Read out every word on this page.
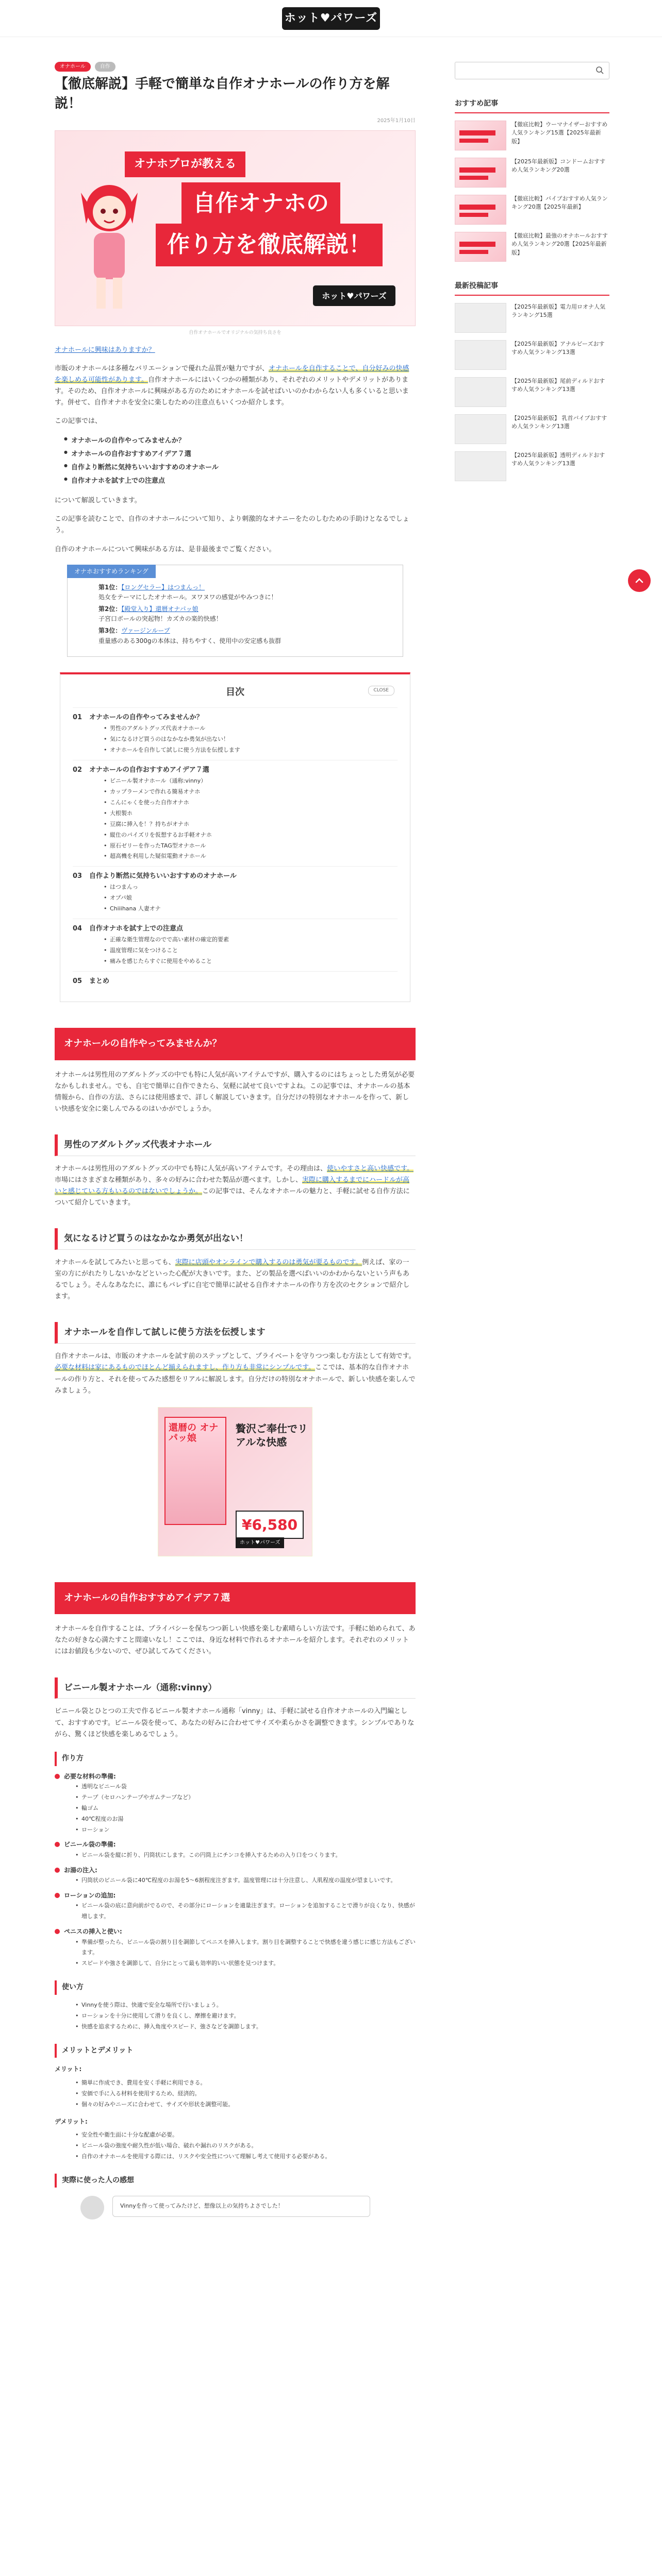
ホット♥パワーズ
オナホール	自作
【徹底解説】手軽で簡単な自作オナホールの作り方を解説！
2025年1月10日
オナホプロが教える
自作オナホの
作り方を徹底解説！
ホット♥パワーズ
自作オナホールでオリジナルの気持ち良さを

オナホールに興味はありますか？

市販のオナホールは多種なバリエーションで優れた品質が魅力ですが、オナホールを自作することで、自分好みの快感を楽しめる可能性があります。自作オナホールにはいくつかの種類があり、それぞれのメリットやデメリットがあります。そのため、自作オナホールに興味がある方のためにオナホールを試せばいいのかわからない人も多くいると思います。併せて、自作オナホを安全に楽しむための注意点もいくつか紹介します。

この記事では、

● オナホールの自作やってみませんか？
● オナホールの自作おすすめアイデア７選
● 自作より断然に気持ちいいおすすめのオナホール
● 自作オナホを試す上での注意点

について解説していきます。

この記事を読むことで、自作のオナホールについて知り、より刺激的なオナニーをたのしむための手助けとなるでしょう。

自作のオナホールについて興味がある方は、是非最後までご覧ください。

オナホおすすめランキング
第1位：【ロングセラー】はつまんっ！
処女をテーマにしたオナホール。ヌワヌワの感覚がやみつきに！
第2位：【殿堂入り】還暦オナパッ娘
子宮口ボールの突起物！カズカの楽的快感！
第3位：ヴァージンループ
重量感のある300gの本体は、持ちやすく、使用中の安定感も抜群
目次	CLOSE
01 オナホールの自作やってみませんか？
• 男性のアダルトグッズ代表オナホール
• 気になるけど買うのはなかなか勇気が出ない！
• オナホールを自作して試しに使う方法を伝授します
02 オナホールの自作おすすめアイデア７選
• ビニール製オナホール（通称:vinny）
• カップラーメンで作れる簡易オナホ
• こんにゃくを使った自作オナホ
• 大根製ホ
• 豆腐に挿入を！？持ちがオナホ
• 縦仕のパイズリを仮想するお手軽オナホ
• 原石ゼリーを作ったTAG型オナホール
• 超高機を利用した疑似電動オナホール
03 自作より断然に気持ちいいおすすめのオナホール
• はつまんっ
• オプパ娘
• Chiiihana 人妻オナ
04 自作オナホを試す上での注意点
• 正確な衛生管理なのでで高い素材の確定的要素
• 温度管理に気をつけること
• 痛みを感じたらすぐに使用をやめること
05 まとめ
オナホールの自作やってみませんか？

オナホールは男性用のアダルトグッズの中でも特に人気が高いアイテムですが、購入するのにはちょっとした勇気が必要なかもしれません。でも、自宅で簡単に自作できたら、気軽に試せて良いですよね。この記事では、オナホールの基本情報から、自作の方法、さらには使用感まで、詳しく解説していきます。自分だけの特別なオナホールを作って、新しい快感を安全に楽しんでみるのはいかがでしょうか。

男性のアダルトグッズ代表オナホール

オナホールは男性用のアダルトグッズの中でも特に人気が高いアイテムです。その理由は、使いやすさと高い快感です。市場にはさまざまな種類があり、多々の好みに合わせた製品が選べます。しかし、実際に購入するまでにハードルが高いと感じている方もいるのではないでしょうか。この記事では、そんなオナホールの魅力と、手軽に試せる自作方法について紹介していきます。

気になるけど買うのはなかなか勇気が出ない！

オナホールを試してみたいと思っても、実際に店頭やオンラインで購入するのは勇気が要るものです。例えば、家の一室の方にがれたりしないかなどといった心配が大きいです。また、どの製品を選べばいいのかわからないという声もあるでしょう。そんなあなたに、誰にもバレずに自宅で簡単に試せる自作オナホールの作り方を次のセクションで紹介します。

オナホールを自作して試しに使う方法を伝授します

自作オナホールは、市販のオナホールを試す前のステップとして、プライベートを守りつつ楽しむ方法として有効です。必要な材料は家にあるものでほとんど揃えられますし、作り方も非常にシンプルです。ここでは、基本的な自作オナホールの作り方と、それを使ってみた感想をリアルに解説します。自分だけの特別なオナホールで、新しい快感を楽しんでみましょう。

還暦の オナパッ娘
贅沢ご奉仕でリアルな快感
¥6,580
ホット♥パワーズ
オナホールの自作おすすめアイデア７選

オナホールを自作することは、プライバシーを保ちつつ新しい快感を楽しむ素晴らしい方法です。手軽に始められて、あなたの好きな心満たすこと間違いなし！ここでは、身近な材料で作れるオナホールを紹介します。それぞれのメリットにはお値段も少ないので、ぜひ試してみてください。

ビニール製オナホール（通称:vinny）

ビニール袋とひとつの工夫で作るビニール製オナホール通称「vinny」は、手軽に試せる自作オナホールの入門編として、おすすめです。ビニール袋を使って、あなたの好みに合わせてサイズや柔らかさを調整できます。シンプルでありながら、驚くほど快感を楽しめるでしょう。

作り方
必要な材料の準備:
• 透明なビニール袋
• テープ（セロハンテープやガムテープなど）
• 輪ゴム
• 40℃程度のお湯
• ローション
ビニール袋の準備:
• ビニール袋を縦に折り、円筒状にします。この円筒上にチンコを挿入するための入り口をつくります。
お湯の注入:
• 円筒状のビニール袋に40℃程度のお湯を5〜6割程度注ぎます。温度管理には十分注意し、人肌程度の温度が望ましいです。
ローションの追加:
• ビニール袋の底に意向前がでるので、その部分にローションを適量注ぎます。ローションを追加することで滑りが良くなり、快感が増します。
ペニスの挿入と使い:
• 準備が整ったら、ビニール袋の割り目を調節してペニスを挿入します。割り目を調整することで快感を違う感じに感じ方法もございます。
• スピードや強さを調節して、自分にとって最も効率的いい状態を見つけます。
使い方
• Vinnyを使う際は、快適で安全な場所で行いましょう。
• ローションを十分に使用して滑りを良くし、摩擦を避けます。
• 快感を追求するために、挿入角度やスピード、強さなどを調節します。
メリットとデメリット
メリット:
• 簡単に作成でき、費用を安く手軽に利用できる。
• 安価で手に入る材料を使用するため、経済的。
• 個々の好みやニーズに合わせて、サイズや形状を調整可能。
デメリット:
• 安全性や衛生面に十分な配慮が必要。
• ビニール袋の強度や耐久性が低い場合、破れや漏れのリスクがある。
• 自作のオナホールを使用する際には、リスクや安全性について理解し考えて使用する必要がある。
実際に使った人の感想
Vinnyを作って使ってみたけど、想像以上の気持ちよさでした！
おすすめ記事
【徹底比較】ウーマナイザーおすすめ人気ランキング15選【2025年最新版】
【2025年最新版】コンドームおすすめ人気ランキング20選
【徹底比較】バイブおすすめ人気ランキング20選【2025年最新】
【徹底比較】最強のオナホールおすすめ人気ランキング20選【2025年最新版】
最新投稿記事
【2025年最新版】電力用ロオナ人気ランキング15選
【2025年最新版】アナルビーズおすすめ人気ランキング13選
【2025年最新版】尾前ディルドおすすめ人気ランキング13選
【2025年最新版】 乳首バイブおすすめ人気ランキング13選
【2025年最新版】透明ディルドおすすめ人気ランキング13選
